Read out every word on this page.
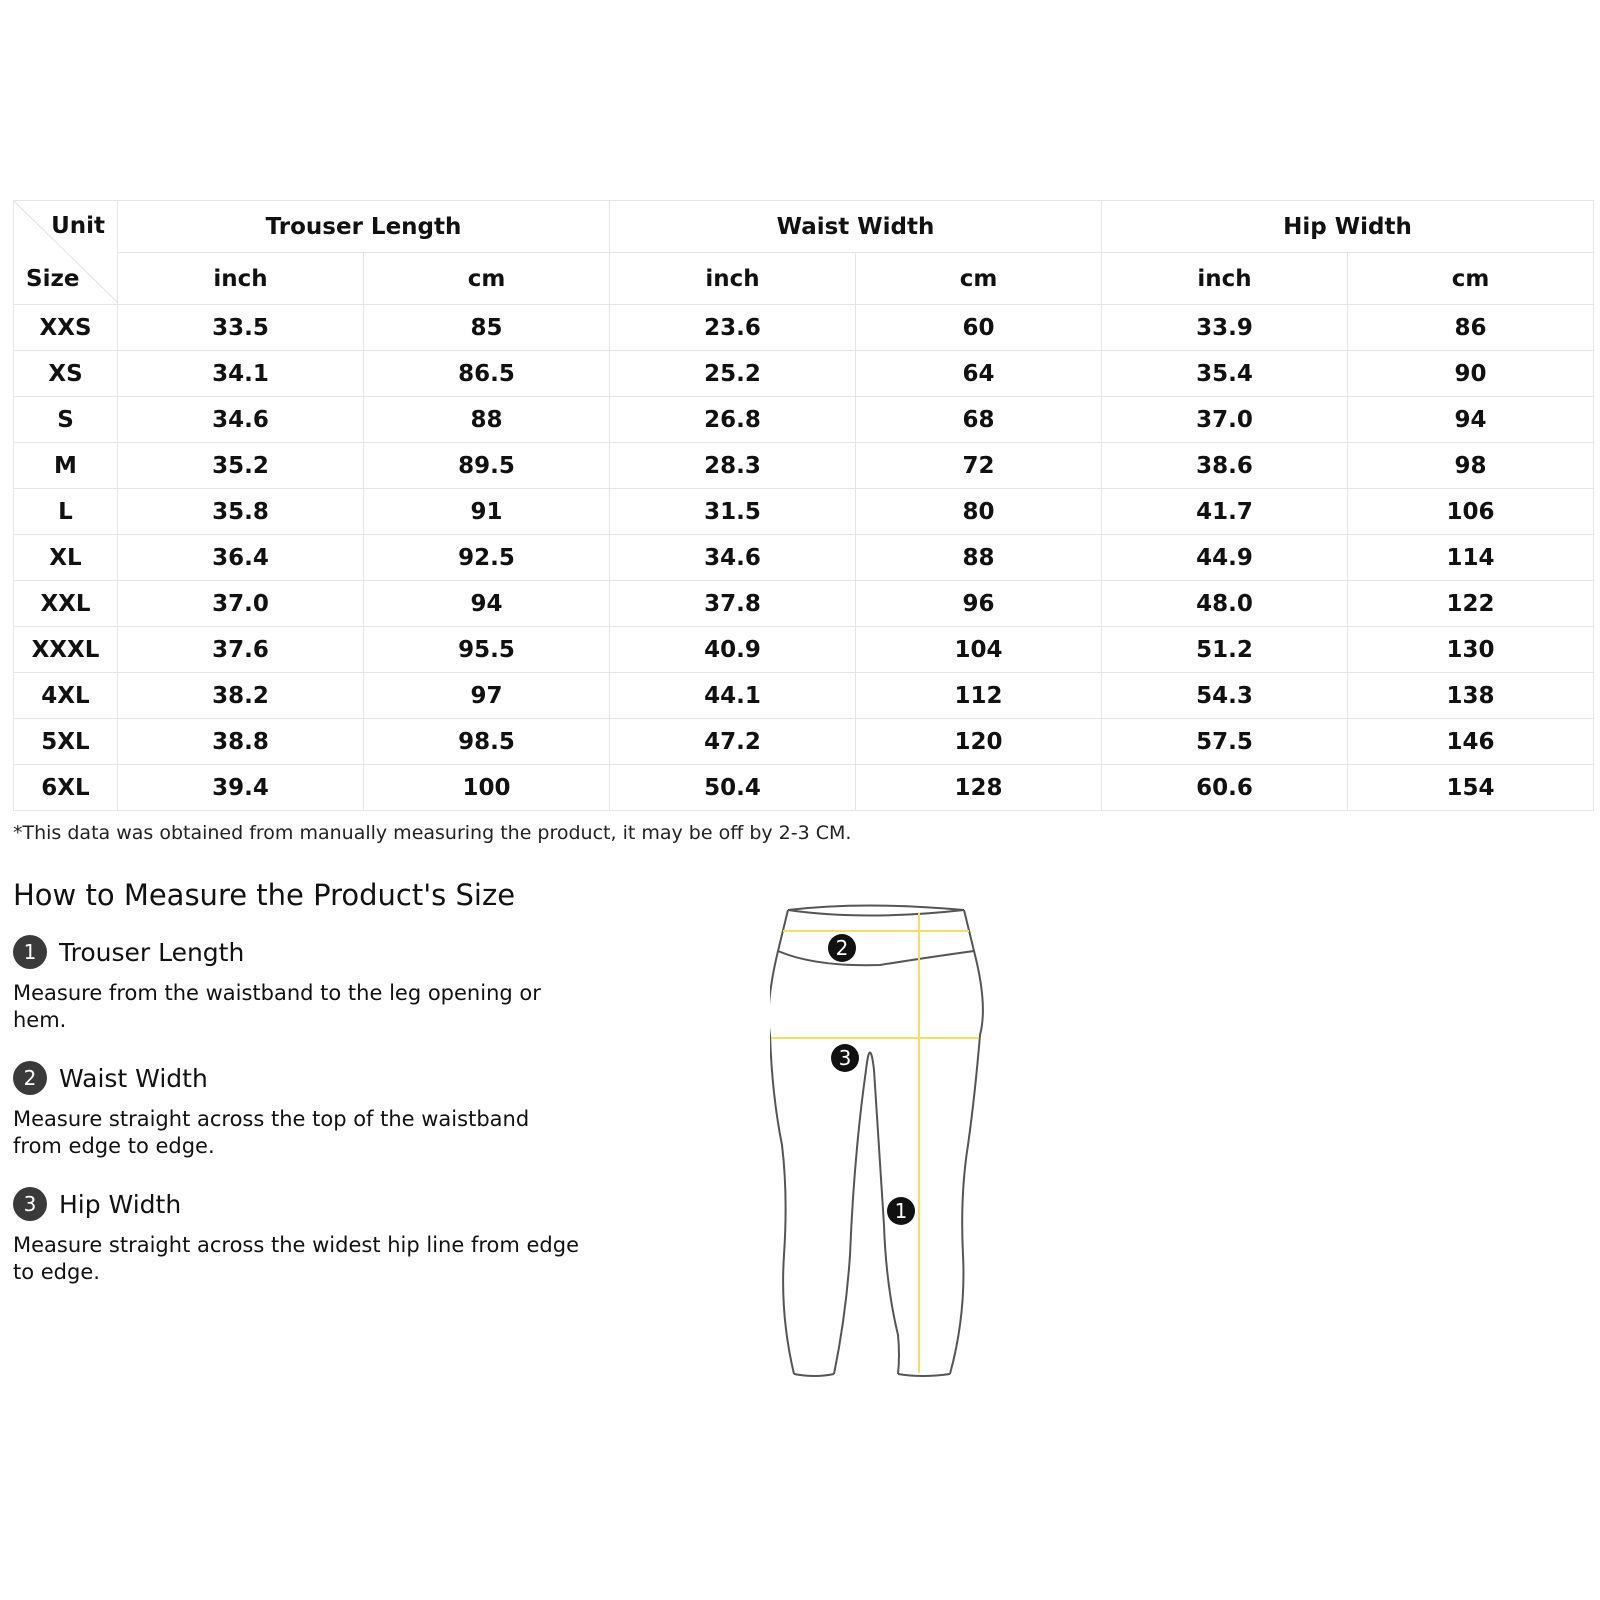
Unit
Size	Trouser Length		Waist Width		Hip Width	
	inch	cm	inch	cm	inch	cm
XXS	33.5	85	23.6	60	33.9	86
XS	34.1	86.5	25.2	64	35.4	90
S	34.6	88	26.8	68	37.0	94
M	35.2	89.5	28.3	72	38.6	98
L	35.8	91	31.5	80	41.7	106
XL	36.4	92.5	34.6	88	44.9	114
XXL	37.0	94	37.8	96	48.0	122
XXXL	37.6	95.5	40.9	104	51.2	130
4XL	38.2	97	44.1	112	54.3	138
5XL	38.8	98.5	47.2	120	57.5	146
6XL	39.4	100	50.4	128	60.6	154
*This data was obtained from manually measuring the product, it may be off by 2-3 CM.
How to Measure the Product's Size
1 Trouser Length
Measure from the waistband to the leg opening or hem.
2 Waist Width
Measure straight across the top of the waistband from edge to edge.
3 Hip Width
Measure straight across the widest hip line from edge to edge.
2
3
1
